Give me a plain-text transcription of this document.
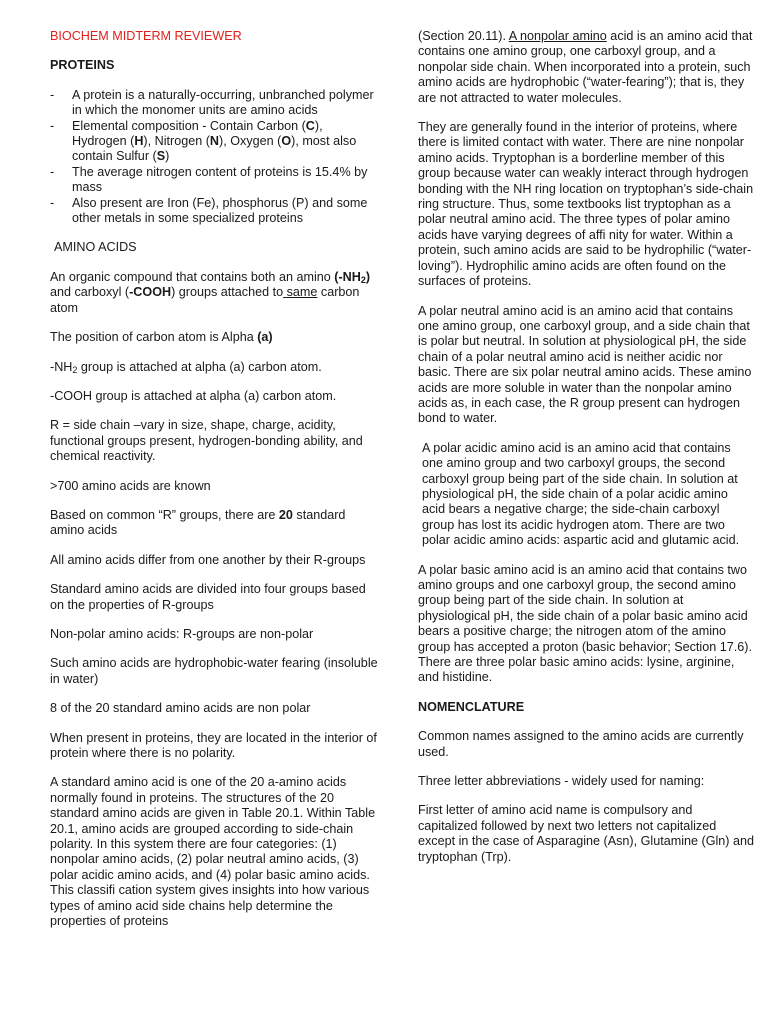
BIOCHEM MIDTERM REVIEWER

PROTEINS

- A protein is a naturally-occurring, unbranched polymer in which the monomer units are amino acids
- Elemental composition - Contain Carbon (C), Hydrogen (H), Nitrogen (N), Oxygen (O), most also contain Sulfur (S)
- The average nitrogen content of proteins is 15.4% by mass
- Also present are Iron (Fe), phosphorus (P) and some other metals in some specialized proteins

AMINO ACIDS

An organic compound that contains both an amino $(-NH_2)$ and carboxyl (-COOH) groups attached to same carbon atom

The position of carbon atom is Alpha (a)

$-NH_2$ group is attached at alpha (a) carbon atom.

-COOH group is attached at alpha (a) carbon atom.

R = side chain –vary in size, shape, charge, acidity, functional groups present, hydrogen-bonding ability, and chemical reactivity.

>700 amino acids are known

Based on common “R” groups, there are 20 standard amino acids

All amino acids differ from one another by their R-groups

Standard amino acids are divided into four groups based on the properties of R-groups

Non-polar amino acids: R-groups are non-polar

Such amino acids are hydrophobic-water fearing (insoluble in water)

8 of the 20 standard amino acids are non polar

When present in proteins, they are located in the interior of protein where there is no polarity.

A standard amino acid is one of the 20 a-amino acids normally found in proteins. The structures of the 20 standard amino acids are given in Table 20.1. Within Table 20.1, amino acids are grouped according to side-chain polarity. In this system there are four categories: (1) nonpolar amino acids, (2) polar neutral amino acids, (3) polar acidic amino acids, and (4) polar basic amino acids. This classifi cation system gives insights into how various types of amino acid side chains help determine the properties of proteins

(Section 20.11). A nonpolar amino acid is an amino acid that contains one amino group, one carboxyl group, and a nonpolar side chain. When incorporated into a protein, such amino acids are hydrophobic (“water-fearing”); that is, they are not attracted to water molecules.

They are generally found in the interior of proteins, where there is limited contact with water. There are nine nonpolar amino acids. Tryptophan is a borderline member of this group because water can weakly interact through hydrogen bonding with the NH ring location on tryptophan’s side-chain ring structure. Thus, some textbooks list tryptophan as a polar neutral amino acid. The three types of polar amino acids have varying degrees of affi nity for water. Within a protein, such amino acids are said to be hydrophilic (“water-loving”). Hydrophilic amino acids are often found on the surfaces of proteins.

A polar neutral amino acid is an amino acid that contains one amino group, one carboxyl group, and a side chain that is polar but neutral. In solution at physiological pH, the side chain of a polar neutral amino acid is neither acidic nor basic. There are six polar neutral amino acids. These amino acids are more soluble in water than the nonpolar amino acids as, in each case, the R group present can hydrogen bond to water.

A polar acidic amino acid is an amino acid that contains one amino group and two carboxyl groups, the second carboxyl group being part of the side chain. In solution at physiological pH, the side chain of a polar acidic amino acid bears a negative charge; the side-chain carboxyl group has lost its acidic hydrogen atom. There are two polar acidic amino acids: aspartic acid and glutamic acid.

A polar basic amino acid is an amino acid that contains two amino groups and one carboxyl group, the second amino group being part of the side chain. In solution at physiological pH, the side chain of a polar basic amino acid bears a positive charge; the nitrogen atom of the amino group has accepted a proton (basic behavior; Section 17.6). There are three polar basic amino acids: lysine, arginine, and histidine.

NOMENCLATURE

Common names assigned to the amino acids are currently used.

Three letter abbreviations - widely used for naming:

First letter of amino acid name is compulsory and capitalized followed by next two letters not capitalized except in the case of Asparagine (Asn), Glutamine (Gln) and tryptophan (Trp).
